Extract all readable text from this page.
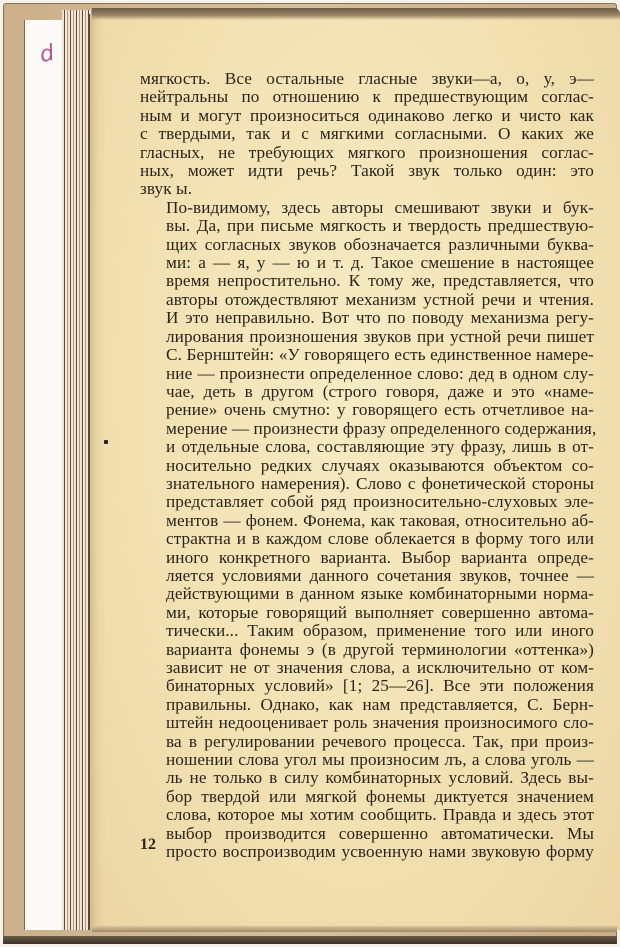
d

мягкость. Все остальные гласные звуки—а, о, у, э—
нейтральны по отношению к предшествующим соглас-
ным и могут произноситься одинаково легко и чисто как
с твердыми, так и с мягкими согласными. О каких же
гласных, не требующих мягкого произношения соглас-
ных, может идти речь? Такой звук только один: это
звук ы.

По-видимому, здесь авторы смешивают звуки и бук-
вы. Да, при письме мягкость и твердость предшествую-
щих согласных звуков обозначается различными буква-
ми: а — я, у — ю и т. д. Такое смешение в настоящее
время непростительно. К тому же, представляется, что
авторы отождествляют механизм устной речи и чтения.
И это неправильно. Вот что по поводу механизма регу-
лирования произношения звуков при устной речи пишет
С. Бернштейн: «У говорящего есть единственное намере-
ние — произнести определенное слово: дед в одном слу-
чае, деть в другом (строго говоря, даже и это «наме-
рение» очень смутно: у говорящего есть отчетливое на-
мерение — произнести фразу определенного содержания,
и отдельные слова, составляющие эту фразу, лишь в от-
носительно редких случаях оказываются объектом со-
знательного намерения). Слово с фонетической стороны
представляет собой ряд произносительно-слуховых эле-
ментов — фонем. Фонема, как таковая, относительно аб-
страктна и в каждом слове облекается в форму того или
иного конкретного варианта. Выбор варианта опреде-
ляется условиями данного сочетания звуков, точнее —
действующими в данном языке комбинаторными норма-
ми, которые говорящий выполняет совершенно автома-
тически... Таким образом, применение того или иного
варианта фонемы э (в другой терминологии «оттенка»)
зависит не от значения слова, а исключительно от ком-
бинаторных условий» [1; 25—26]. Все эти положения
правильны. Однако, как нам представляется, С. Берн-
штейн недооценивает роль значения произносимого сло-
ва в регулировании речевого процесса. Так, при произ-
ношении слова угол мы произносим лъ, а слова уголь —
ль не только в силу комбинаторных условий. Здесь вы-
бор твердой или мягкой фонемы диктуется значением
слова, которое мы хотим сообщить. Правда и здесь этот
выбор производится совершенно автоматически. Мы
просто воспроизводим усвоенную нами звуковую форму

12
